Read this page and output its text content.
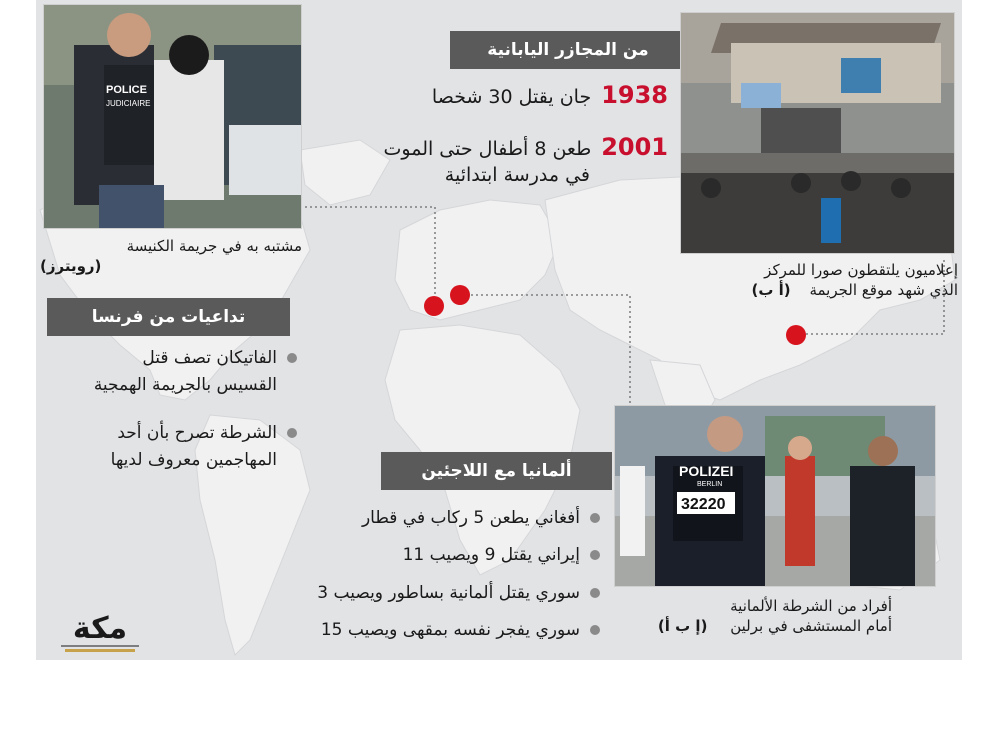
POLICE
JUDICIAIRE
مشتبه به في جريمة الكنيسة
(رويترز)
من المجازر اليابانية
1938جان يقتل 30 شخصا
2001طعن 8 أطفال حتى الموت
في مدرسة ابتدائية
إعلاميون يلتقطون صورا للمركز
الذي شهد موقع الجريمة (أ ب)
تداعيات من فرنسا
الفاتيكان تصف قتل
القسيس بالجريمة الهمجية
الشرطة تصرح بأن أحد
المهاجمين معروف لديها
ألمانيا مع اللاجئين
أفغاني يطعن 5 ركاب في قطار
إيراني يقتل 9 ويصيب 11
سوري يقتل ألمانية بساطور ويصيب 3
سوري يفجر نفسه بمقهى ويصيب 15
POLIZEI
BERLIN
32220
أفراد من الشرطة الألمانية
أمام المستشفى في برلين (إ ب أ)
مكة
